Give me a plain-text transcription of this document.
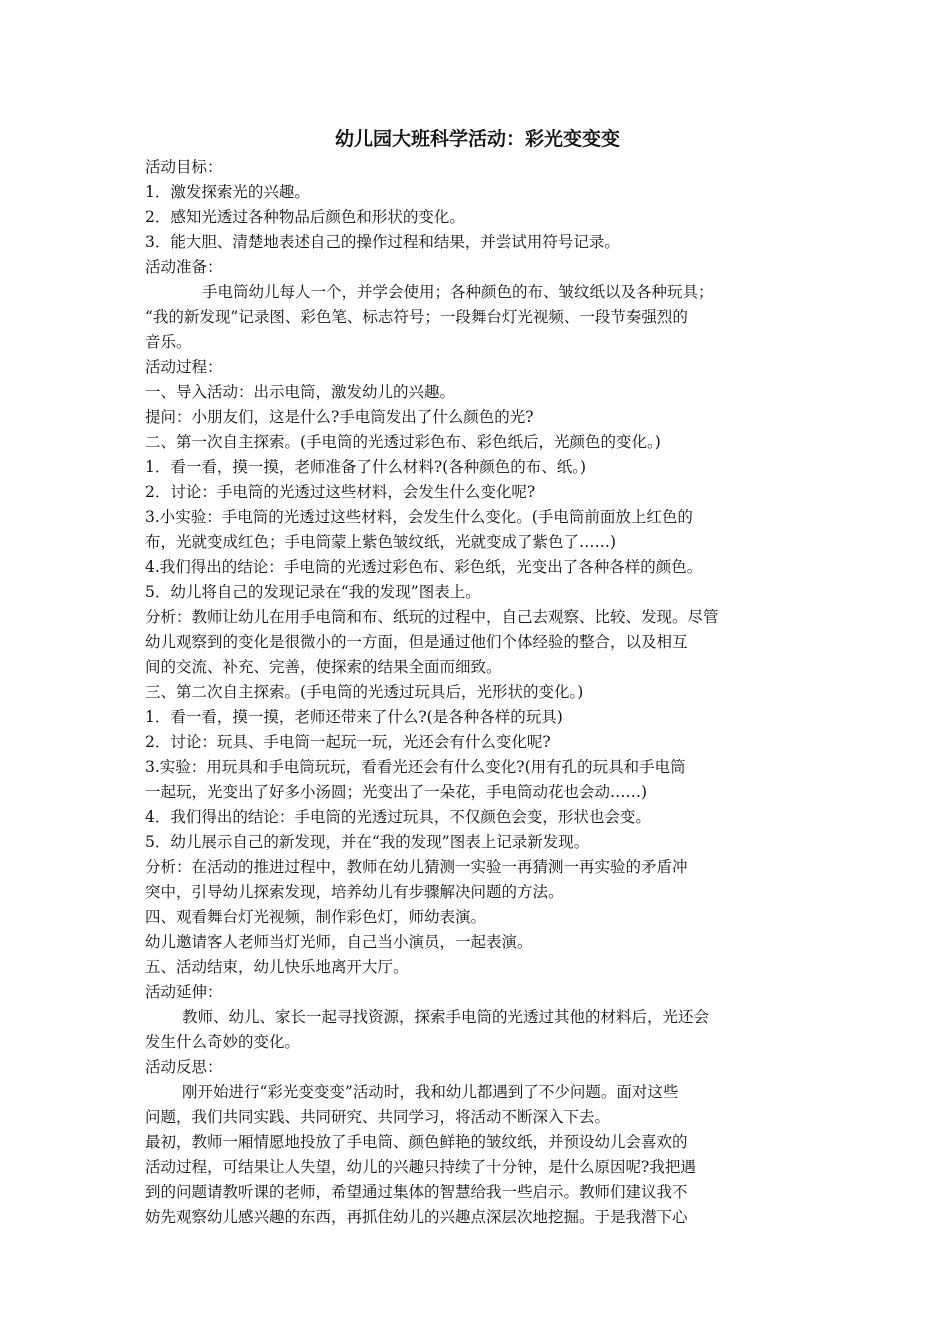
幼儿园大班科学活动：彩光变变变
活动目标：
1．激发探索光的兴趣。
2．感知光透过各种物品后颜色和形状的变化。
3．能大胆、清楚地表述自己的操作过程和结果，并尝试用符号记录。
活动准备：
手电筒幼儿每人一个，并学会使用；各种颜色的布、皱纹纸以及各种玩具；
“我的新发现”记录图、彩色笔、标志符号；一段舞台灯光视频、一段节奏强烈的
音乐。
活动过程：
一、导入活动：出示电筒，激发幼儿的兴趣。
提问：小朋友们，这是什么?手电筒发出了什么颜色的光?
二、第一次自主探索。(手电筒的光透过彩色布、彩色纸后，光颜色的变化。)
1．看一看，摸一摸，老师准备了什么材料?(各种颜色的布、纸。)
2．讨论：手电筒的光透过这些材料，会发生什么变化呢?
3.小实验：手电筒的光透过这些材料，会发生什么变化。(手电筒前面放上红色的
布，光就变成红色；手电筒蒙上紫色皱纹纸，光就变成了紫色了……)
4.我们得出的结论：手电筒的光透过彩色布、彩色纸，光变出了各种各样的颜色。
5．幼儿将自己的发现记录在“我的发现”图表上。
分析：教师让幼儿在用手电筒和布、纸玩的过程中，自己去观察、比较、发现。尽管
幼儿观察到的变化是很微小的一方面，但是通过他们个体经验的整合，以及相互
间的交流、补充、完善，使探索的结果全面而细致。
三、第二次自主探索。(手电筒的光透过玩具后，光形状的变化。)
1．看一看，摸一摸，老师还带来了什么?(是各种各样的玩具)
2．讨论：玩具、手电筒一起玩一玩，光还会有什么变化呢?
3.实验：用玩具和手电筒玩玩，看看光还会有什么变化?(用有孔的玩具和手电筒
一起玩，光变出了好多小汤圆；光变出了一朵花，手电筒动花也会动……)
4．我们得出的结论：手电筒的光透过玩具，不仅颜色会变，形状也会变。
5．幼儿展示自己的新发现，并在“我的发现”图表上记录新发现。
分析：在活动的推进过程中，教师在幼儿猜测一实验一再猜测一再实验的矛盾冲
突中，引导幼儿探索发现，培养幼儿有步骤解决问题的方法。
四、观看舞台灯光视频，制作彩色灯，师幼表演。
幼儿邀请客人老师当灯光师，自己当小演员，一起表演。
五、活动结束，幼儿快乐地离开大厅。
活动延伸：
教师、幼儿、家长一起寻找资源，探索手电筒的光透过其他的材料后，光还会
发生什么奇妙的变化。
活动反思：
刚开始进行“彩光变变变”活动时，我和幼儿都遇到了不少问题。面对这些
问题，我们共同实践、共同研究、共同学习，将活动不断深入下去。
最初，教师一厢情愿地投放了手电筒、颜色鲜艳的皱纹纸，并预设幼儿会喜欢的
活动过程，可结果让人失望，幼儿的兴趣只持续了十分钟，是什么原因呢?我把遇
到的问题请教听课的老师，希望通过集体的智慧给我一些启示。教师们建议我不
妨先观察幼儿感兴趣的东西，再抓住幼儿的兴趣点深层次地挖掘。于是我潜下心
